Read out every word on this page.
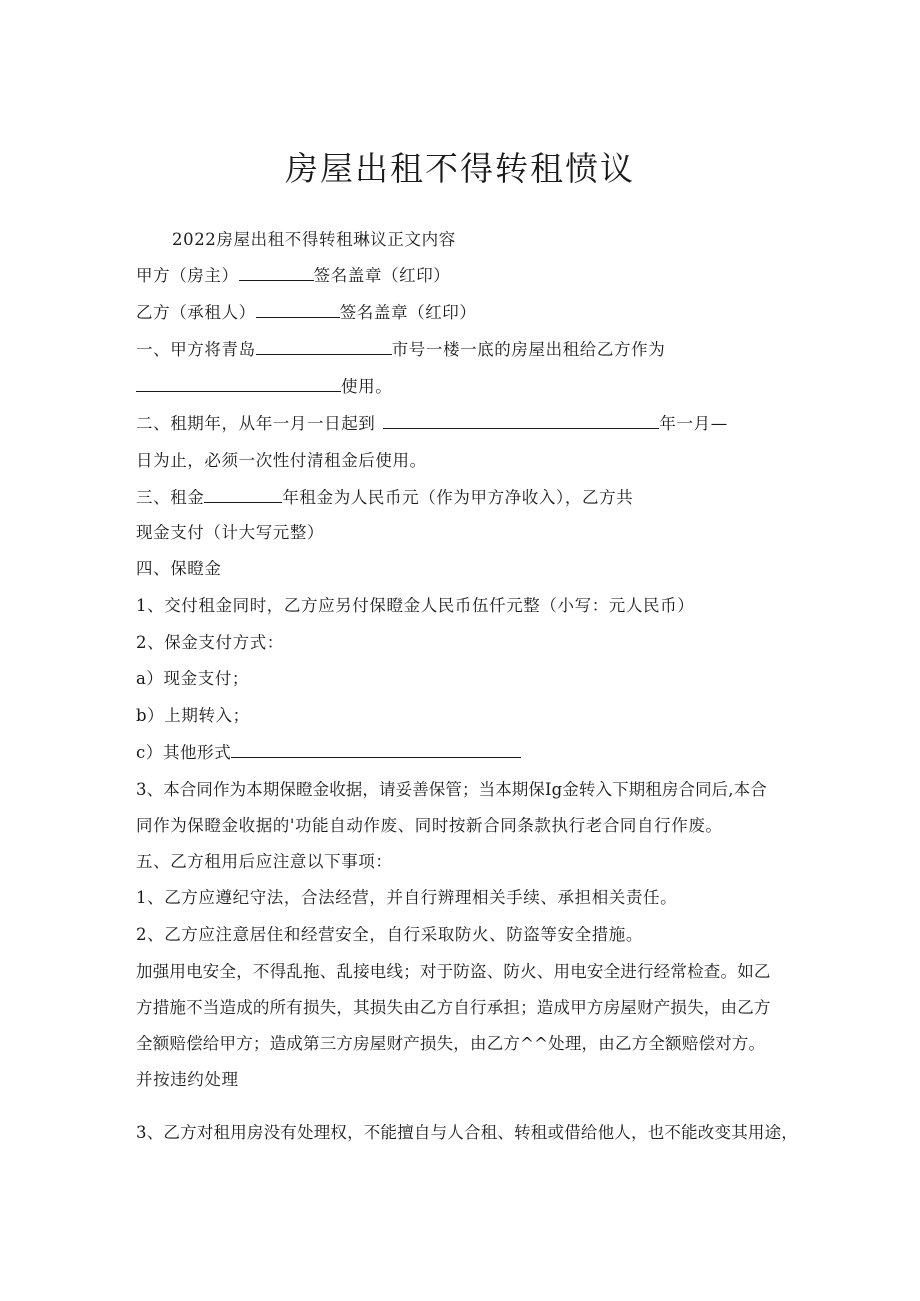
房屋出租不得转租愤议
2022房屋出租不得转租琳议正文内容
甲方（房主）	签名盖章（红印）
乙方（承租人）	签名盖章（红印）
一、甲方将青岛	市号一楼一底的房屋出租给乙方作为
使用。
二、租期年，从年一月一日起到	年一月—
日为止，必须一次性付清租金后使用。
三、租金	年租金为人民币元（作为甲方净收入），乙方共
现金支付（计大写元整）
四、保瞪金
1、交付租金同时，乙方应另付保瞪金人民币伍仟元整（小写：元人民币）
2、保金支付方式：
a）现金支付；
b）上期转入；
c）其他形式
3、本合同作为本期保瞪金收据，请妥善保管；当本期保Ig金转入下期租房合同后,本合
同作为保瞪金收据的'功能自动作废、同时按新合同条款执行老合同自行作废。
五、乙方租用后应注意以下事项：
1、乙方应遵纪守法，合法经营，并自行辨理相关手续、承担相关责任。
2、乙方应注意居住和经营安全，自行采取防火、防盗等安全措施。
加强用电安全，不得乱拖、乱接电线；对于防盗、防火、用电安全进行经常检查。如乙
方措施不当造成的所有损失，其损失由乙方自行承担；造成甲方房屋财产损失，由乙方
全额赔偿给甲方；造成第三方房屋财产损失，由乙方^^处理，由乙方全额赔偿对方。
并按违约处理
3、乙方对租用房没有处理权，不能擅自与人合租、转租或借给他人，也不能改变其用途，
